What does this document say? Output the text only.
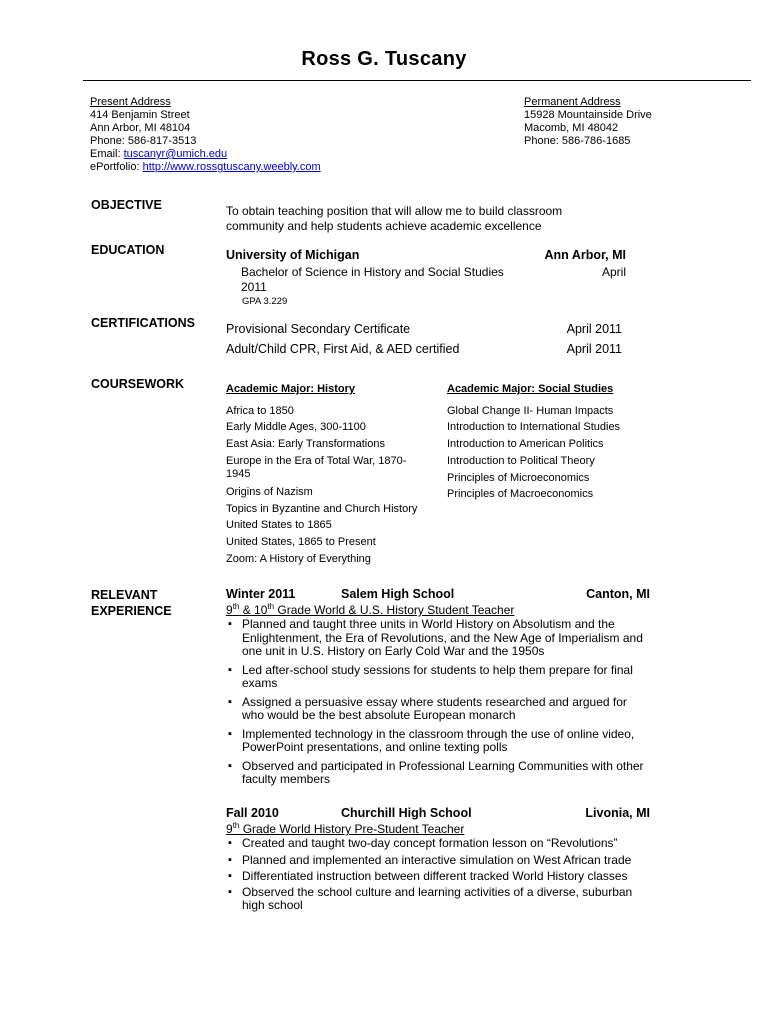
Ross G. Tuscany
Present Address
414 Benjamin Street
Ann Arbor, MI 48104
Phone: 586-817-3513
Email: tuscanyr@umich.edu
ePortfolio: http://www.rossgtuscany.weebly.com
Permanent Address
15928 Mountainside Drive
Macomb, MI 48042
Phone: 586-786-1685
OBJECTIVE	To obtain teaching position that will allow me to build classroom
community and help students achieve academic excellence
EDUCATION	University of Michigan	Ann Arbor, MI
Bachelor of Science in History and Social Studies	April
2011
GPA 3.229
CERTIFICATIONS Provisional Secondary Certificate	April 2011
Adult/Child CPR, First Aid, & AED certified	April 2011
COURSEWORK	Academic Major: History
Africa to 1850
Early Middle Ages, 300-1100
East Asia: Early Transformations
Europe in the Era of Total War, 1870-
1945
Origins of Nazism
Topics in Byzantine and Church History
United States to 1865
United States, 1865 to Present
Zoom: A History of Everything
Academic Major: Social Studies
Global Change II- Human Impacts
Introduction to International Studies
Introduction to American Politics
Introduction to Political Theory
Principles of Microeconomics
Principles of Macroeconomics
RELEVANT
EXPERIENCE
Winter 2011	Salem High School	Canton, MI
9th & 10th Grade World & U.S. History Student Teacher
▪ Planned and taught three units in World History on Absolutism and the Enlightenment, the Era of Revolutions, and the New Age of Imperialism and one unit in U.S. History on Early Cold War and the 1950s
▪ Led after-school study sessions for students to help them prepare for final exams
▪ Assigned a persuasive essay where students researched and argued for who would be the best absolute European monarch
▪ Implemented technology in the classroom through the use of online video, PowerPoint presentations, and online texting polls
▪ Observed and participated in Professional Learning Communities with other faculty members
Fall 2010	Churchill High School	Livonia, MI
9th Grade World History Pre-Student Teacher
▪ Created and taught two-day concept formation lesson on “Revolutions”
▪ Planned and implemented an interactive simulation on West African trade
▪ Differentiated instruction between different tracked World History classes
▪ Observed the school culture and learning activities of a diverse, suburban high school
